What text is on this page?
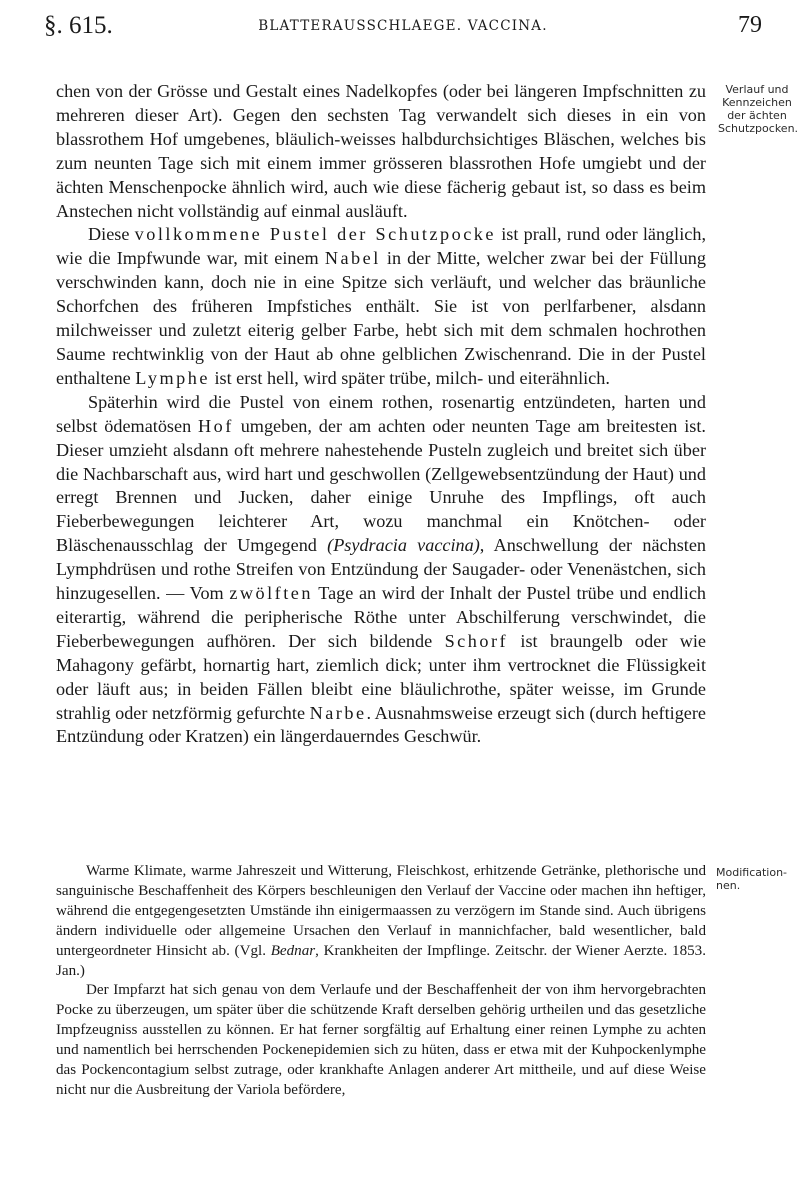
§. 615.	BLATTERAUSSCHLAEGE. VACCINA.	79
Verlauf und Kennzeichen der ächten Schutzpocken.

chen von der Grösse und Gestalt eines Nadelkopfes (oder bei längeren Impfschnitten zu mehreren dieser Art). Gegen den sechsten Tag verwandelt sich dieses in ein von blassrothem Hof umgebenes, bläulich-weisses halbdurchsichtiges Bläschen, welches bis zum neunten Tage sich mit einem immer grösseren blassrothen Hofe umgiebt und der ächten Menschenpocke ähnlich wird, auch wie diese fächerig gebaut ist, so dass es beim Anstechen nicht vollständig auf einmal ausläuft.

Diese vollkommene Pustel der Schutzpocke ist prall, rund oder länglich, wie die Impfwunde war, mit einem Nabel in der Mitte, welcher zwar bei der Füllung verschwinden kann, doch nie in eine Spitze sich verläuft, und welcher das bräunliche Schorfchen des früheren Impfstiches enthält. Sie ist von perlfarbener, alsdann milchweisser und zuletzt eiterig gelber Farbe, hebt sich mit dem schmalen hochrothen Saume rechtwinklig von der Haut ab ohne gelblichen Zwischenrand. Die in der Pustel enthaltene Lymphe ist erst hell, wird später trübe, milch- und eiterähnlich.

Späterhin wird die Pustel von einem rothen, rosenartig entzündeten, harten und selbst ödematösen Hof umgeben, der am achten oder neunten Tage am breitesten ist. Dieser umzieht alsdann oft mehrere nahestehende Pusteln zugleich und breitet sich über die Nachbarschaft aus, wird hart und geschwollen (Zellgewebsentzündung der Haut) und erregt Brennen und Jucken, daher einige Unruhe des Impflings, oft auch Fieberbewegungen leichterer Art, wozu manchmal ein Knötchen- oder Bläschenausschlag der Umgegend (Psydracia vaccina), Anschwellung der nächsten Lymphdrüsen und rothe Streifen von Entzündung der Saugader- oder Venenästchen, sich hinzugesellen. — Vom zwölften Tage an wird der Inhalt der Pustel trübe und endlich eiterartig, während die peripherische Röthe unter Abschilferung verschwindet, die Fieberbewegungen aufhören. Der sich bildende Schorf ist braungelb oder wie Mahagony gefärbt, hornartig hart, ziemlich dick; unter ihm vertrocknet die Flüssigkeit oder läuft aus; in beiden Fällen bleibt eine bläulichrothe, später weisse, im Grunde strahlig oder netzförmig gefurchte Narbe. Ausnahmsweise erzeugt sich (durch heftigere Entzündung oder Kratzen) ein längerdauerndes Geschwür.

Modification-nen.

Warme Klimate, warme Jahreszeit und Witterung, Fleischkost, erhitzende Getränke, plethorische und sanguinische Beschaffenheit des Körpers beschleunigen den Verlauf der Vaccine oder machen ihn heftiger, während die entgegengesetzten Umstände ihn einigermaassen zu verzögern im Stande sind. Auch übrigens ändern individuelle oder allgemeine Ursachen den Verlauf in mannichfacher, bald wesentlicher, bald untergeordneter Hinsicht ab. (Vgl. Bednar, Krankheiten der Impflinge. Zeitschr. der Wiener Aerzte. 1853. Jan.)

Der Impfarzt hat sich genau von dem Verlaufe und der Beschaffenheit der von ihm hervorgebrachten Pocke zu überzeugen, um später über die schützende Kraft derselben gehörig urtheilen und das gesetzliche Impfzeugniss ausstellen zu können. Er hat ferner sorgfältig auf Erhaltung einer reinen Lymphe zu achten und namentlich bei herrschenden Pockenepidemien sich zu hüten, dass er etwa mit der Kuhpockenlymphe das Pockencontagium selbst zutrage, oder krankhafte Anlagen anderer Art mittheile, und auf diese Weise nicht nur die Ausbreitung der Variola befördere,
